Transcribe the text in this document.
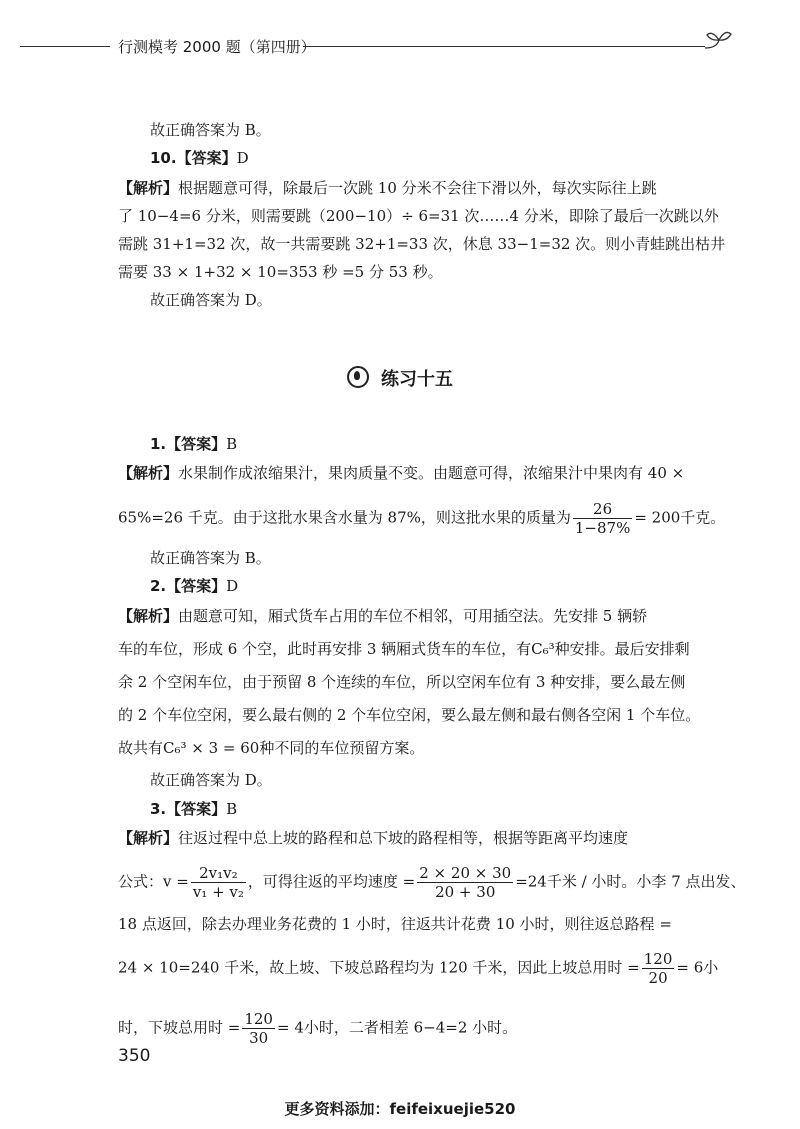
行测模考 2000 题（第四册）
故正确答案为 B。
10.【答案】D
【解析】根据题意可得，除最后一次跳 10 分米不会往下滑以外，每次实际往上跳
了 10−4=6 分米，则需要跳（200−10）÷ 6=31 次……4 分米，即除了最后一次跳以外
需跳 31+1=32 次，故一共需要跳 32+1=33 次，休息 33−1=32 次。则小青蛙跳出枯井
需要 33 × 1+32 × 10=353 秒 =5 分 53 秒。
故正确答案为 D。
练习十五
1.【答案】B
【解析】水果制作成浓缩果汁，果肉质量不变。由题意可得，浓缩果汁中果肉有 40 ×
65%=26 千克。由于这批水果含水量为 87%，则这批水果的质量为 $\frac{26}{1-87\%} = 200$千克。
故正确答案为 B。
2.【答案】D
【解析】由题意可知，厢式货车占用的车位不相邻，可用插空法。先安排 5 辆轿
车的车位，形成 6 个空，此时再安排 3 辆厢式货车的车位，有C₆³种安排。最后安排剩
余 2 个空闲车位，由于预留 8 个连续的车位，所以空闲车位有 3 种安排，要么最左侧
的 2 个车位空闲，要么最右侧的 2 个车位空闲，要么最左侧和最右侧各空闲 1 个车位。
故共有C₆³ × 3 = 60种不同的车位预留方案。
故正确答案为 D。
3.【答案】B
【解析】往返过程中总上坡的路程和总下坡的路程相等，根据等距离平均速度
公式：$v = \frac{\text{2v₁v₂}}{\text{v₁ + v₂}}$ ，可得往返的平均速度 = $\frac{2 \times 20 \times 30}{20 + 30} =24$千米 / 小时。小李 7 点出发、
18 点返回，除去办理业务花费的 1 小时，往返共计花费 10 小时，则往返总路程 =
24 × 10=240 千米，故上坡、下坡总路程均为 120 千米，因此上坡总用时 = $\frac{120}{20} = 6$小
时，下坡总用时 = $\frac{120}{30} = 4$小时，二者相差 6−4=2 小时。
350
更多资料添加：feifeixuejie520
